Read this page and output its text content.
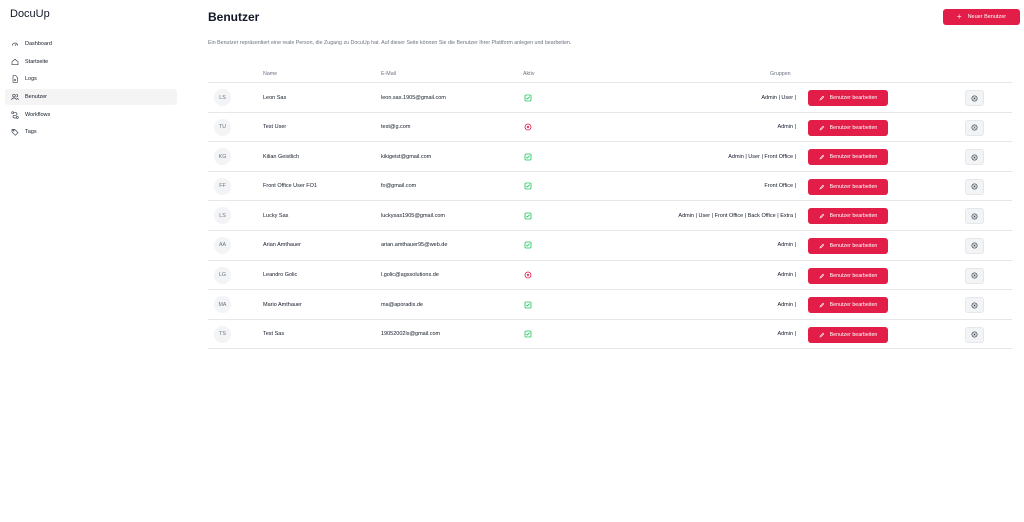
DocuUp
Dashboard
Startseite
Logs
Benutzer
Workflows
Tags
Benutzer	+ Neuer Benutzer
Ein Benutzer repräsentiert eine reale Person, die Zugang zu DocuUp hat. Auf dieser Seite können Sie die Benutzer Ihrer Plattform anlegen und bearbeiten.
Name	E-Mail	Aktiv	Gruppen
LS	Leon Sas	leon.sas.1905@gmail.com	Admin | User |	Benutzer bearbeiten
TU	Test User	test@g.com	Admin |	Benutzer bearbeiten
KG	Kilian Geistlich	kikigeist@gmail.com	Admin | User | Front Office |	Benutzer bearbeiten
FF	Front Office User FO1	fo@gmail.com	Front Office |	Benutzer bearbeiten
LS	Lucky Sas	luckysas1905@gmail.com	Admin | User | Front Office | Back Office | Extra |	Benutzer bearbeiten
AA	Arian Amthauer	arian.amthauer95@web.de	Admin |	Benutzer bearbeiten
LG	Leandro Golic	l.golic@agssolutions.de	Admin |	Benutzer bearbeiten
MA	Mario Amthauer	ma@aporadix.de	Admin |	Benutzer bearbeiten
TS	Test Sas	19052002ls@gmail.com	Admin |	Benutzer bearbeiten
